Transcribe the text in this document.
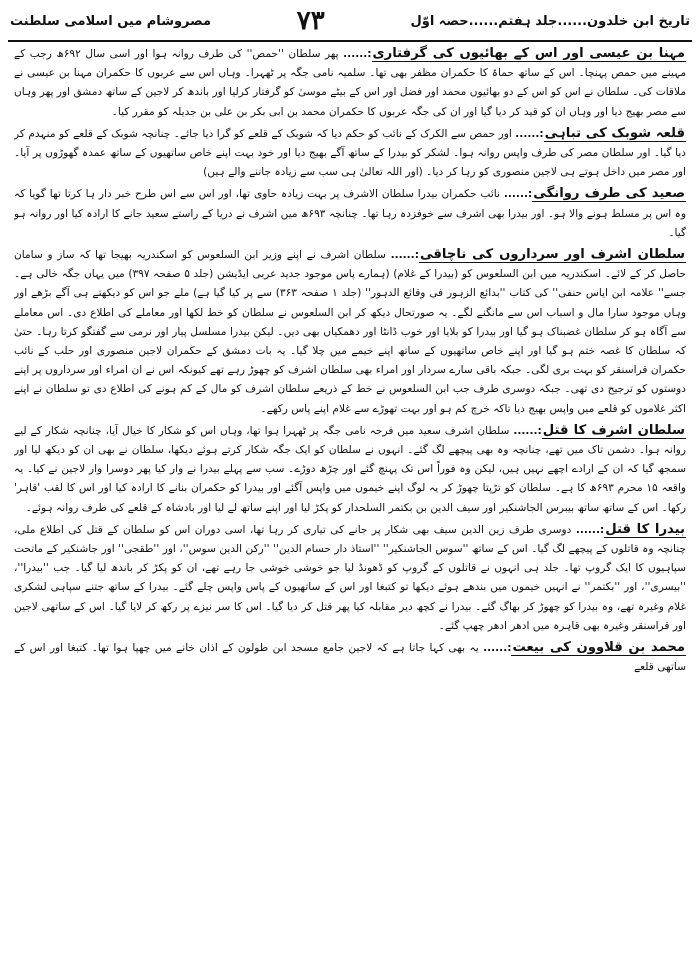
تاریخ ابن خلدون......جلد ہفتم......حصہ اوّل
۷۳
مصروشام میں اسلامی سلطنت

مہنا بن عیسی اور اس کے بھائیوں کی گرفتاری:...... پھر سلطان ''حمص'' کی طرف روانہ ہوا اور اسی سال ۶۹۲ھ رجب کے مہینے میں حمص پہنچا۔ اس کے ساتھ حماۃ کا حکمران مظفر بھی تھا۔ سلمیہ نامی جگہ پر ٹھہرا۔ وہاں اس سے عربوں کا حکمران مہنا بن عیسی نے ملاقات کی۔ سلطان نے اس کو اس کے دو بھائیوں محمد اور فضل اور اس کے بیٹے موسیٰ کو گرفتار کرلیا اور باندھ کر لاجین کے ساتھ دمشق اور پھر وہاں سے مصر بھیج دیا اور وہاں ان کو قید کر دیا گیا اور ان کی جگہ عربوں کا حکمران محمد بن ابی بکر بن علی بن جدیلہ کو مقرر کیا۔

قلعہ شوبک کی تباہی:...... اور حمص سے الکرک کے نائب کو حکم دیا کہ شوبک کے قلعے کو گرا دیا جائے۔ چنانچہ شوبک کے قلعے کو منہدم کر دیا گیا۔ اور سلطان مصر کی طرف واپس روانہ ہوا۔ لشکر کو بیدرا کے ساتھ آگے بھیج دیا اور خود بہت اپنے خاص ساتھیوں کے ساتھ عمدہ گھوڑوں پر آیا۔ اور مصر میں داخل ہوتے ہی لاجین منصوری کو رہا کر دیا۔ (اور اللہ تعالیٰ ہی سب سے زیادہ جاننے والے ہیں)

صعید کی طرف روانگی:...... نائب حکمران بیدرا سلطان الاشرف پر بہت زیادہ حاوی تھا، اور اس سے اس طرح خبر دار ہا کرتا تھا گویا کہ وہ اس پر مسلط ہونے والا ہو۔ اور بیدرا بھی اشرف سے خوفزدہ رہا تھا۔ چنانچہ ۶۹۳ھ میں اشرف نے دریا کے راستے سعید جانے کا ارادہ کیا اور روانہ ہو گیا۔

سلطان اشرف اور سرداروں کی ناچاقی:...... سلطان اشرف نے اپنے وزیر ابن السلعوس کو اسکندریہ بھیجا تھا کہ ساز و سامان حاصل کر کے لائے۔ اسکندریہ میں ابن السلعوس کو (بیدرا کے غلام) (ہمارے پاس موجود جدید عربی ایڈیشن (جلد ۵ صفحہ ۳۹۷) میں یہاں جگہ خالی ہے۔ جسے'' علامہ ابن ایاس حنفی'' کی کتاب ''بدائع الزہور فی وقائع الدہور'' (جلد ۱ صفحہ ۳۶۳) سے پر کیا گیا ہے) ملے جو اس کو دیکھتے ہی آگے بڑھے اور وہاں موجود سارا مال و اسباب اس سے مانگنے لگے۔ یہ صورتحال دیکھ کر ابن السلعوس نے سلطان کو خط لکھا اور معاملے کی اطلاع دی۔ اس معاملے سے آگاہ ہو کر سلطان غضبناک ہو گیا اور بیدرا کو بلایا اور خوب ڈانٹا اور دھمکیاں بھی دیں۔ لیکن بیدرا مسلسل پیار اور نرمی سے گفتگو کرتا رہا۔ حتیٰ کہ سلطان کا غصہ ختم ہو گیا اور اپنے خاص ساتھیوں کے ساتھ اپنے خیمے میں چلا گیا۔ یہ بات دمشق کے حکمران لاجین منصوری اور حلب کے نائب حکمران قراسنقر کو بہت بری لگی۔ جبکہ باقی سارے سردار اور امراء بھی سلطان اشرف کو چھوڑ رہے تھے کیونکہ اس نے ان امراء اور سرداروں پر اپنے دوستوں کو ترجیح دی تھی۔ جبکہ دوسری طرف جب ابن السلعوس نے خط کے ذریعے سلطان اشرف کو مال کے کم ہونے کی اطلاع دی تو سلطان نے اپنے اکثر غلاموں کو قلعے میں واپس بھیج دیا تاکہ خرچ کم ہو اور بہت تھوڑے سے غلام اپنے پاس رکھے۔

سلطان اشرف کا قتل:...... سلطان اشرف سعید میں فرجہ نامی جگہ پر ٹھہرا ہوا تھا، وہاں اس کو شکار کا خیال آیا، چنانچہ شکار کے لیے روانہ ہوا۔ دشمن تاک میں تھے، چنانچہ وہ بھی پیچھے لگ گئے۔ انہوں نے سلطان کو ایک جگہ شکار کرتے ہوئے دیکھا، سلطان نے بھی ان کو دیکھ لیا اور سمجھ گیا کہ ان کے ارادے اچھے نہیں ہیں، لیکن وہ فوراً اس تک پہنچ گئے اور چڑھ دوڑے۔ سب سے پہلے بیدرا نے وار کیا پھر دوسرا وار لاجین نے کیا۔ یہ واقعہ ۱۵ محرم ۶۹۳ھ کا ہے۔ سلطان کو تڑپتا چھوڑ کر یہ لوگ اپنے خیموں میں واپس آگئے اور بیدرا کو حکمران بنانے کا ارادہ کیا اور اس کا لقب 'قاہر' رکھا۔ اس کے ساتھ ساتھ بیبرس الجاشنکیر اور سیف الدین بن بکتمر السلحدار کو پکڑ لیا اور اپنے ساتھ لے لیا اور بادشاہ کے قلعے کی طرف روانہ ہوئے۔

بیدرا کا قتل:...... دوسری طرف زین الدین سیف بھی شکار پر جانے کی تیاری کر رہا تھا، اسی دوران اس کو سلطان کے قتل کی اطلاع ملی، چنانچہ وہ قاتلوں کے پیچھے لگ گیا۔ اس کے ساتھ ''سوس الجاشنکیر'' ''استاذ دار حسام الدین'' ''رکن الدین سوس''، اور ''طقجی'' اور جاشنکیر کے ماتحت سپاہیوں کا ایک گروپ تھا۔ جلد ہی انہوں نے قاتلوں کے گروپ کو ڈھونڈ لیا جو خوشی خوشی جا رہے تھے، ان کو پکڑ کر باندھ لیا گیا۔ جب ''بیدرا''، ''بیسری''، اور ''بکتمر'' نے انہیں خیموں میں بندھے ہوئے دیکھا تو کتبغا اور اس کے ساتھیوں کے پاس واپس چلے گئے۔ بیدرا کے ساتھ جتنے سپاہی لشکری غلام وغیرہ تھے، وہ بیدرا کو چھوڑ کر بھاگ گئے۔ بیدرا نے کچھ دیر مقابلہ کیا پھر قتل کر دیا گیا۔ اس کا سر نیزے پر رکھ کر لایا گیا۔ اس کے ساتھی لاجین اور قراسنقر وغیرہ بھی قاہرہ میں ادھر ادھر چھپ گئے۔

محمد بن قلاوون کی بیعت:...... یہ بھی کہا جاتا ہے کہ لاجین جامع مسجد ابن طولون کے اذان خانے میں چھپا ہوا تھا۔ کتبغا اور اس کے ساتھی قلعے
